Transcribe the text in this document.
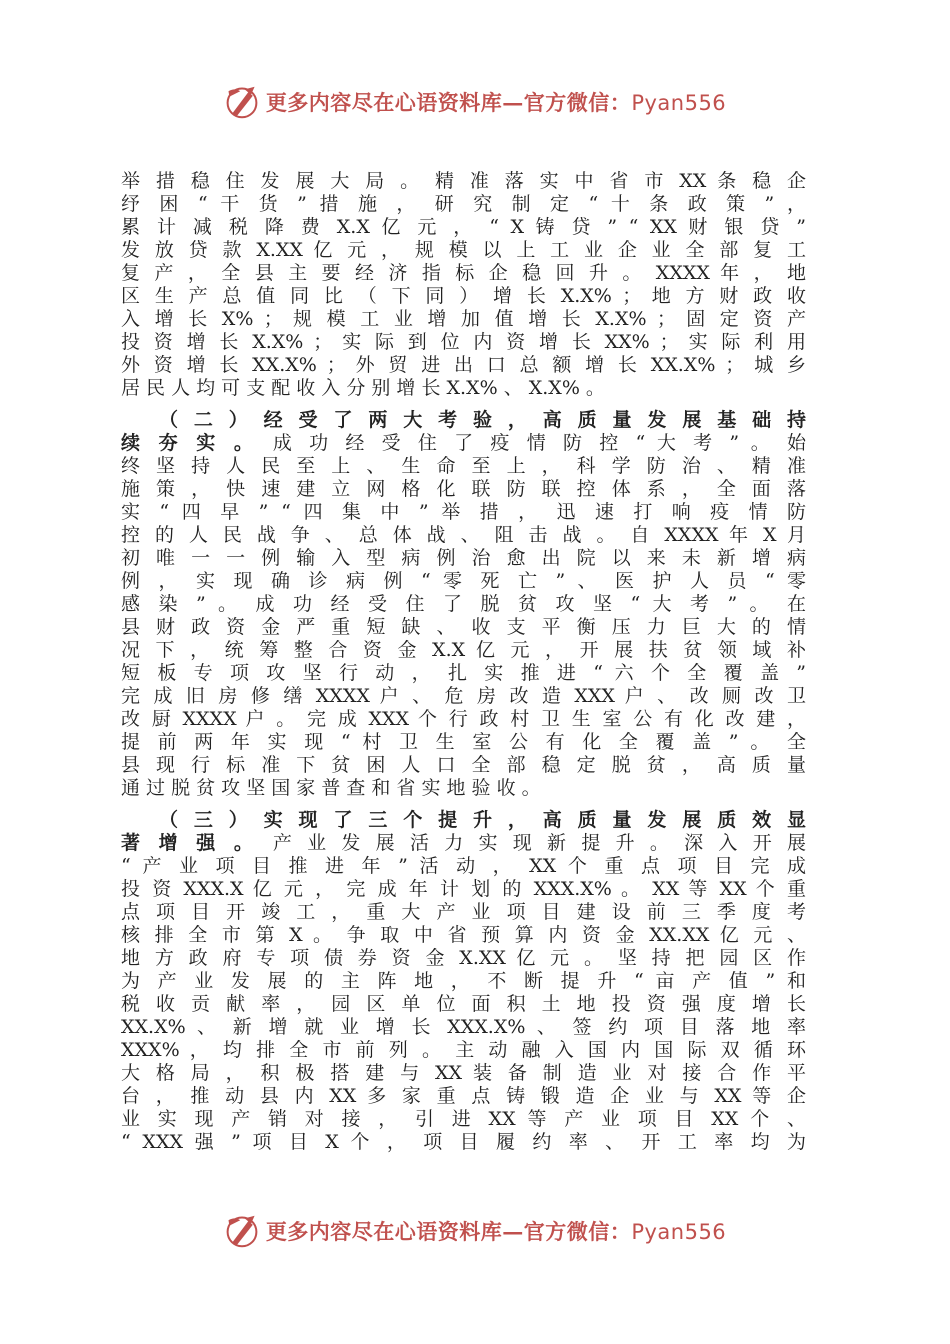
更多内容尽在心语资料库—官方微信：Pyan556
举 措 稳 住 发 展 大 局 。 精 准 落 实 中 省 市 XX 条 稳 企
纾 困 “ 干 货 ” 措 施 ， 研 究 制 定 “ 十 条 政 策 ” ，
累 计 减 税 降 费 X.X 亿 元 ， “ X 铸 贷 ” “ XX 财 银 贷 ”
发 放 贷 款 X.XX 亿 元 ， 规 模 以 上 工 业 企 业 全 部 复 工
复 产 ， 全 县 主 要 经 济 指 标 企 稳 回 升 。 XXXX 年 ， 地
区 生 产 总 值 同 比 （ 下 同 ） 增 长 X.X% ； 地 方 财 政 收
入 增 长 X% ； 规 模 工 业 增 加 值 增 长 X.X% ； 固 定 资 产
投 资 增 长 X.X% ； 实 际 到 位 内 资 增 长 XX% ； 实 际 利 用
外 资 增 长 XX.X% ； 外 贸 进 出 口 总 额 增 长 XX.X% ； 城 乡
居 民 人 均 可 支 配 收 入 分 别 增 长 X.X% 、 X.X% 。
（ 二 ） 经 受 了 两 大 考 验 ， 高 质 量 发 展 基 础 持
续 夯 实 。 成 功 经 受 住 了 疫 情 防 控 “ 大 考 ” 。 始
终 坚 持 人 民 至 上 、 生 命 至 上 ， 科 学 防 治 、 精 准
施 策 ， 快 速 建 立 网 格 化 联 防 联 控 体 系 ， 全 面 落
实 “ 四 早 ” “ 四 集 中 ” 举 措 ， 迅 速 打 响 疫 情 防
控 的 人 民 战 争 、 总 体 战 、 阻 击 战 。 自 XXXX 年 X 月
初 唯 一 一 例 输 入 型 病 例 治 愈 出 院 以 来 未 新 增 病
例 ， 实 现 确 诊 病 例 “ 零 死 亡 ” 、 医 护 人 员 “ 零
感 染 ” 。 成 功 经 受 住 了 脱 贫 攻 坚 “ 大 考 ” 。 在
县 财 政 资 金 严 重 短 缺 、 收 支 平 衡 压 力 巨 大 的 情
况 下 ， 统 筹 整 合 资 金 X.X 亿 元 ， 开 展 扶 贫 领 域 补
短 板 专 项 攻 坚 行 动 ， 扎 实 推 进 “ 六 个 全 覆 盖 ”
完 成 旧 房 修 缮 XXXX 户 、 危 房 改 造 XXX 户 、 改 厕 改 卫
改 厨 XXXX 户 。 完 成 XXX 个 行 政 村 卫 生 室 公 有 化 改 建 ，
提 前 两 年 实 现 “ 村 卫 生 室 公 有 化 全 覆 盖 ” 。 全
县 现 行 标 准 下 贫 困 人 口 全 部 稳 定 脱 贫 ， 高 质 量
通 过 脱 贫 攻 坚 国 家 普 查 和 省 实 地 验 收 。
（ 三 ） 实 现 了 三 个 提 升 ， 高 质 量 发 展 质 效 显
著 增 强 。 产 业 发 展 活 力 实 现 新 提 升 。 深 入 开 展
“ 产 业 项 目 推 进 年 ” 活 动 ， XX 个 重 点 项 目 完 成
投 资 XXX.X 亿 元 ， 完 成 年 计 划 的 XXX.X% 。 XX 等 XX 个 重
点 项 目 开 竣 工 ， 重 大 产 业 项 目 建 设 前 三 季 度 考
核 排 全 市 第 X 。 争 取 中 省 预 算 内 资 金 XX.XX 亿 元 、
地 方 政 府 专 项 债 券 资 金 X.XX 亿 元 。 坚 持 把 园 区 作
为 产 业 发 展 的 主 阵 地 ， 不 断 提 升 “ 亩 产 值 ” 和
税 收 贡 献 率 ， 园 区 单 位 面 积 土 地 投 资 强 度 增 长
XX.X% 、 新 增 就 业 增 长 XXX.X% 、 签 约 项 目 落 地 率
XXX% ， 均 排 全 市 前 列 。 主 动 融 入 国 内 国 际 双 循 环
大 格 局 ， 积 极 搭 建 与 XX 装 备 制 造 业 对 接 合 作 平
台 ， 推 动 县 内 XX 多 家 重 点 铸 锻 造 企 业 与 XX 等 企
业 实 现 产 销 对 接 ， 引 进 XX 等 产 业 项 目 XX 个 、
“ XXX 强 ” 项 目 X 个 ， 项 目 履 约 率 、 开 工 率 均 为
更多内容尽在心语资料库—官方微信：Pyan556
